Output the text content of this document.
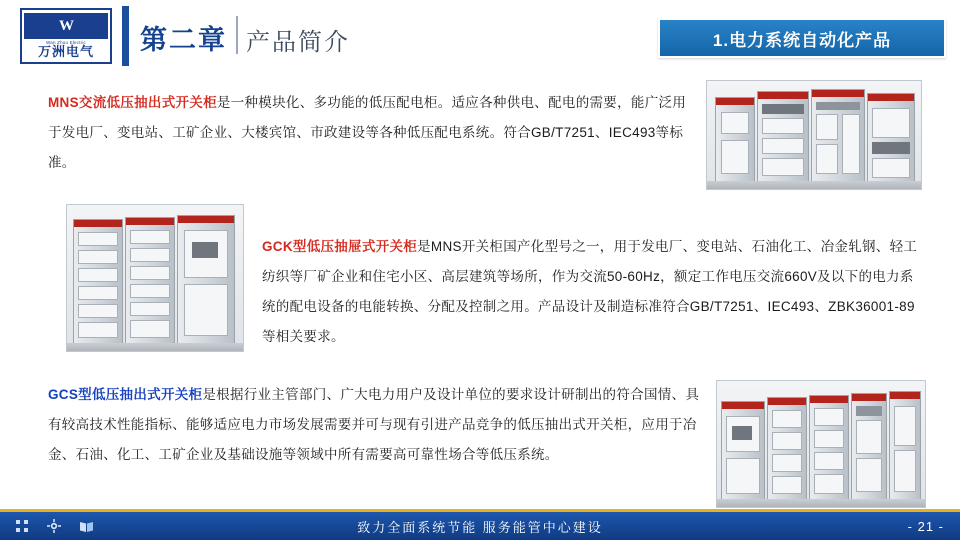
W
Wan Zhou Electric
万洲电气 第二章 产品简介	1.电力系统自动化产品
MNS交流低压抽出式开关柜是一种模块化、多功能的低压配电柜。适应各种供电、配电的需要，能广泛用于发电厂、变电站、工矿企业、大楼宾馆、市政建设等各种低压配电系统。符合GB/T7251、IEC493等标准。
GCK型低压抽屉式开关柜是MNS开关柜国产化型号之一，用于发电厂、变电站、石油化工、冶金轧钢、轻工纺织等厂矿企业和住宅小区、高层建筑等场所，作为交流50-60Hz，额定工作电压交流660V及以下的电力系统的配电设备的电能转换、分配及控制之用。产品设计及制造标准符合GB/T7251、IEC493、ZBK36001-89等相关要求。
GCS型低压抽出式开关柜是根据行业主管部门、广大电力用户及设计单位的要求设计研制出的符合国情、具有较高技术性能指标、能够适应电力市场发展需要并可与现有引进产品竞争的低压抽出式开关柜，应用于冶金、石油、化工、工矿企业及基础设施等领域中所有需要高可靠性场合等低压系统。
致力全面系统节能 服务能管中心建设	- 21 -
